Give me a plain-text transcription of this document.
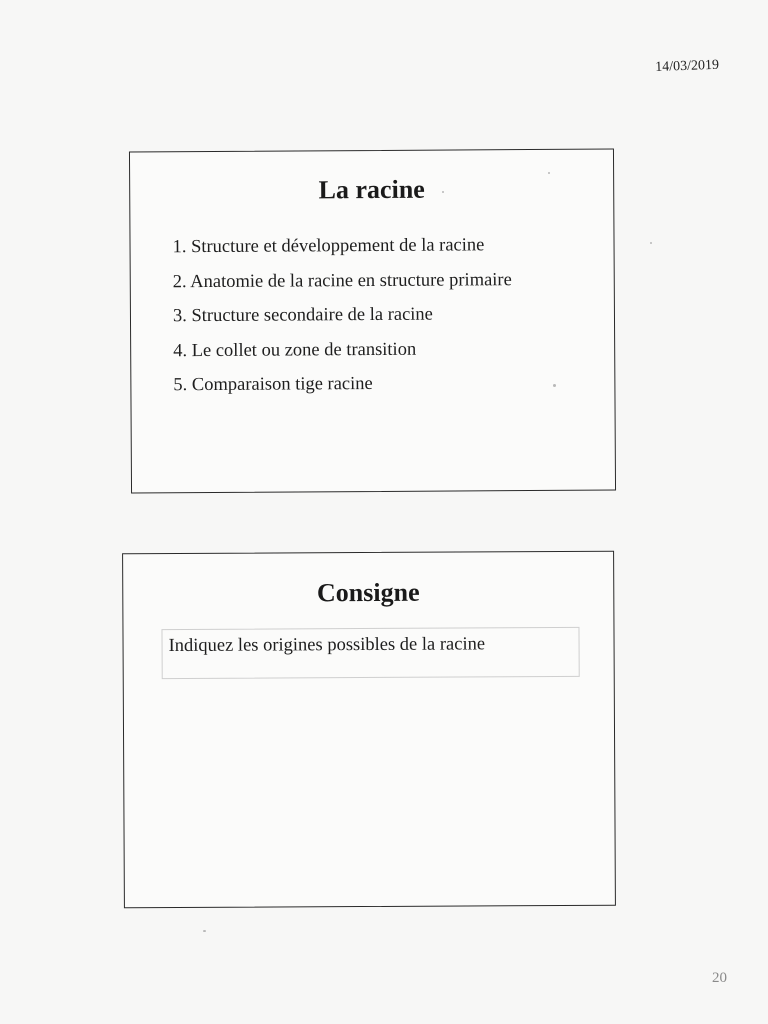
14/03/2019
La racine
1. Structure et développement de la racine
2. Anatomie de la racine en structure primaire
3. Structure secondaire de la racine
4. Le collet ou zone de transition
5. Comparaison tige racine
Consigne
Indiquez les origines possibles de la racine
20
